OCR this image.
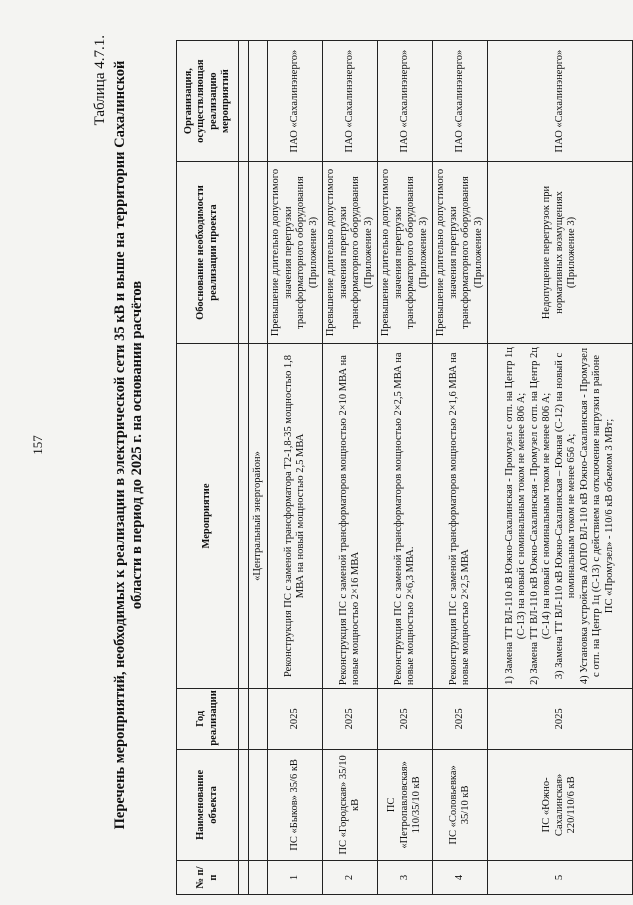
157
Таблица 4.7.1. Перечень мероприятий, необходимых к реализации в электрической сети 35 кВ и выше на территории Сахалинской области в период до 2025 г. на основании расчётов
№ п/п	Наименование объекта	Год реализации	Мероприятие	Обоснование необходимости реализации проекта	Организация, осуществляющая реализацию мероприятий

			«Центральный энергорайон»		
1	ПС «Быков» 35/6 кВ	2025	Реконструкция ПС с заменой трансформатора Т2-1,8-35 мощностью 1,8 МВА на новый мощностью 2,5 МВА	Превышение длительно допустимого значения перегрузки трансформаторного оборудования (Приложение 3)	ПАО «Сахалинэнерго»
2	ПС «Городская» 35/10 кВ	2025	Реконструкция ПС с заменой трансформаторов мощностью 2×10 МВА на новые мощностью 2×16 МВА	Превышение длительно допустимого значения перегрузки трансформаторного оборудования (Приложение 3)	ПАО «Сахалинэнерго»
3	ПС «Петропавловская» 110/35/10 кВ	2025	Реконструкция ПС с заменой трансформаторов мощностью 2×2,5 МВА на новые мощностью 2×6,3 МВА.	Превышение длительно допустимого значения перегрузки трансформаторного оборудования (Приложение 3)	ПАО «Сахалинэнерго»
4	ПС «Соловьевка» 35/10 кВ	2025	Реконструкция ПС с заменой трансформаторов мощностью 2×1,6 МВА на новые мощностью 2×2,5 МВА	Превышение длительно допустимого значения перегрузки трансформаторного оборудования (Приложение 3)	ПАО «Сахалинэнерго»
5	ПС «Южно-Сахалинская» 220/110/6 кВ	2025	1) Замена ТТ ВЛ-110 кВ Южно-Сахалинская - Промузел с отп. на Центр 1ц (С-13) на новый с номинальным током не менее 806 А; 2) Замена ТТ ВЛ-110 кВ Южно-Сахалинская - Промузел с отп. на Центр 2ц (С-14) на новый с номинальным током не менее 806 А; 3) Замена ТТ ВЛ-110 кВ Южно-Сахалинская – Южная (С-12) на новый с номинальным током не менее 656 А; 4) Установка устройства АОПО ВЛ-110 кВ Южно-Сахалинская - Промузел с отп. на Центр 1ц (С-13) с действием на отключение нагрузки в районе ПС «Промузел» - 110/6 кВ объемом 3 МВт;	Недопущение перегрузок при нормативных возмущениях (Приложение 3)	ПАО «Сахалинэнерго»
